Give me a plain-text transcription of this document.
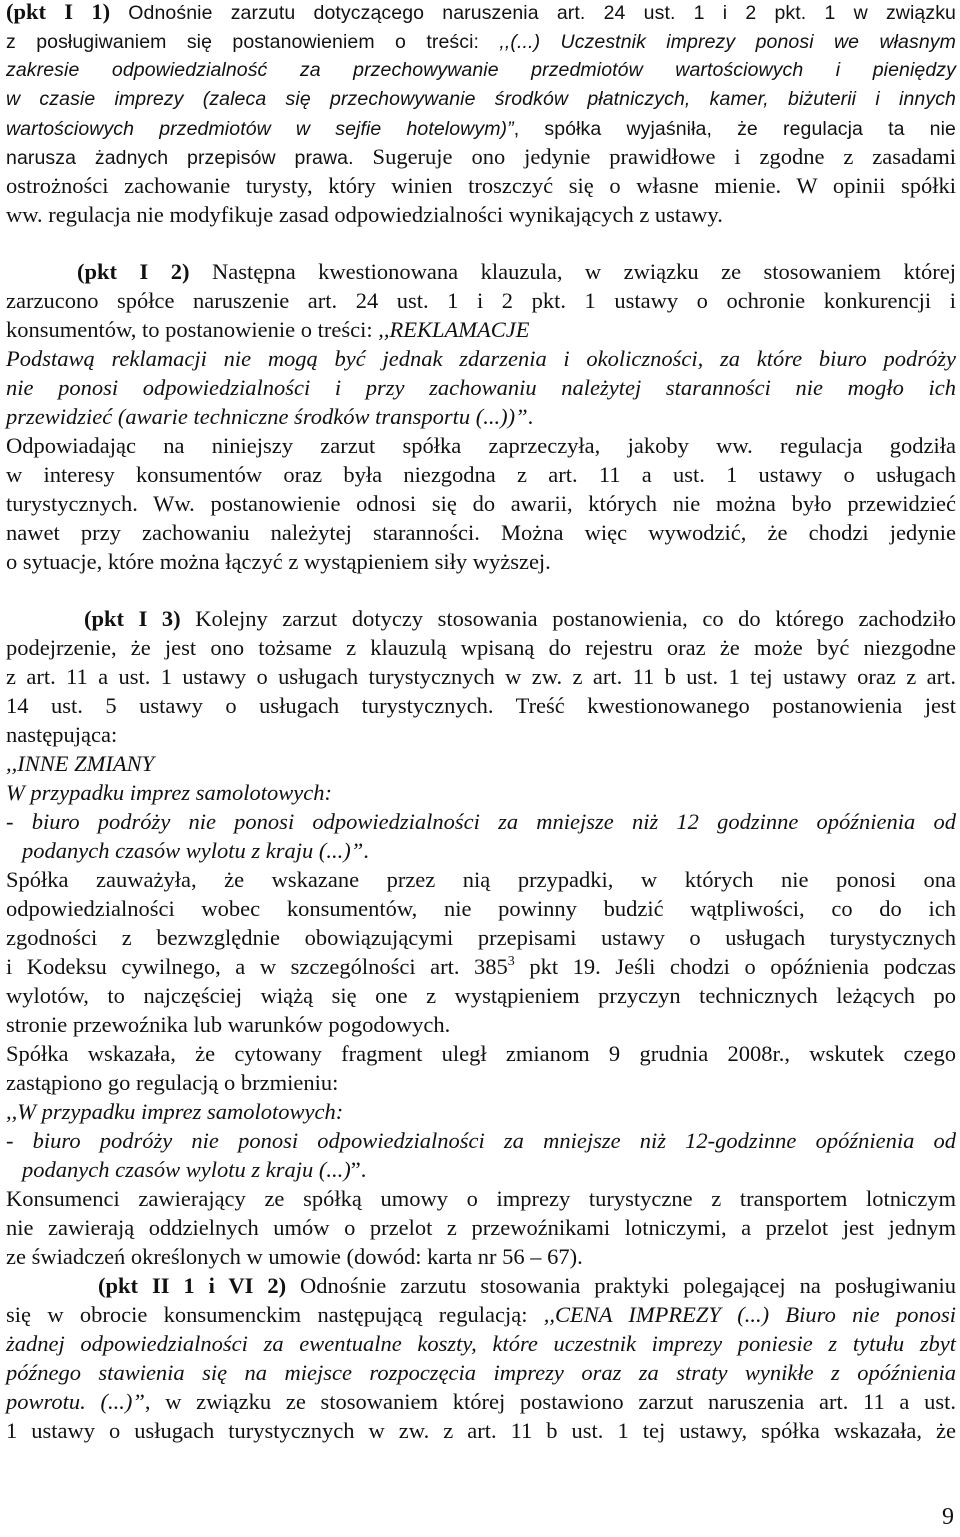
(pkt I 1) Odnośnie zarzutu dotyczącego naruszenia art. 24 ust. 1 i 2 pkt. 1 w związku
z posługiwaniem się postanowieniem o treści: ,,(...) Uczestnik imprezy ponosi we własnym
zakresie odpowiedzialność za przechowywanie przedmiotów wartościowych i pieniędzy
w czasie imprezy (zaleca się przechowywanie środków płatniczych, kamer, biżuterii i innych
wartościowych przedmiotów w sejfie hotelowym)”, spółka wyjaśniła, że regulacja ta nie
narusza żadnych przepisów prawa. Sugeruje ono jedynie prawidłowe i zgodne z zasadami
ostrożności zachowanie turysty, który winien troszczyć się o własne mienie. W opinii spółki
ww. regulacja nie modyfikuje zasad odpowiedzialności wynikających z ustawy.
(pkt I 2) Następna kwestionowana klauzula, w związku ze stosowaniem której
zarzucono spółce naruszenie art. 24 ust. 1 i 2 pkt. 1 ustawy o ochronie konkurencji i
konsumentów, to postanowienie o treści: ,,REKLAMACJE
Podstawą reklamacji nie mogą być jednak zdarzenia i okoliczności, za które biuro podróży
nie ponosi odpowiedzialności i przy zachowaniu należytej staranności nie mogło ich
przewidzieć (awarie techniczne środków transportu (...))”.
Odpowiadając na niniejszy zarzut spółka zaprzeczyła, jakoby ww. regulacja godziła
w interesy konsumentów oraz była niezgodna z art. 11 a ust. 1 ustawy o usługach
turystycznych. Ww. postanowienie odnosi się do awarii, których nie można było przewidzieć
nawet przy zachowaniu należytej staranności. Można więc wywodzić, że chodzi jedynie
o sytuacje, które można łączyć z wystąpieniem siły wyższej.
(pkt I 3) Kolejny zarzut dotyczy stosowania postanowienia, co do którego zachodziło
podejrzenie, że jest ono tożsame z klauzulą wpisaną do rejestru oraz że może być niezgodne
z art. 11 a ust. 1 ustawy o usługach turystycznych w zw. z art. 11 b ust. 1 tej ustawy oraz z art.
14 ust. 5 ustawy o usługach turystycznych. Treść kwestionowanego postanowienia jest
następująca:
,,INNE ZMIANY
W przypadku imprez samolotowych:
- biuro podróży nie ponosi odpowiedzialności za mniejsze niż 12 godzinne opóźnienia od
podanych czasów wylotu z kraju (...)”.
Spółka zauważyła, że wskazane przez nią przypadki, w których nie ponosi ona
odpowiedzialności wobec konsumentów, nie powinny budzić wątpliwości, co do ich
zgodności z bezwzględnie obowiązującymi przepisami ustawy o usługach turystycznych
i Kodeksu cywilnego, a w szczególności art. $385^3$ pkt 19. Jeśli chodzi o opóźnienia podczas
wylotów, to najczęściej wiążą się one z wystąpieniem przyczyn technicznych leżących po
stronie przewoźnika lub warunków pogodowych.
Spółka wskazała, że cytowany fragment uległ zmianom 9 grudnia 2008r., wskutek czego
zastąpiono go regulacją o brzmieniu:
,,W przypadku imprez samolotowych:
- biuro podróży nie ponosi odpowiedzialności za mniejsze niż 12-godzinne opóźnienia od
podanych czasów wylotu z kraju (...)”.
Konsumenci zawierający ze spółką umowy o imprezy turystyczne z transportem lotniczym
nie zawierają oddzielnych umów o przelot z przewoźnikami lotniczymi, a przelot jest jednym
ze świadczeń określonych w umowie (dowód: karta nr 56 – 67).
(pkt II 1 i VI 2) Odnośnie zarzutu stosowania praktyki polegającej na posługiwaniu
się w obrocie konsumenckim następującą regulacją: ,,CENA IMPREZY (...) Biuro nie ponosi
żadnej odpowiedzialności za ewentualne koszty, które uczestnik imprezy poniesie z tytułu zbyt
późnego stawienia się na miejsce rozpoczęcia imprezy oraz za straty wynikłe z opóźnienia
powrotu. (...)”, w związku ze stosowaniem której postawiono zarzut naruszenia art. 11 a ust.
1 ustawy o usługach turystycznych w zw. z art. 11 b ust. 1 tej ustawy, spółka wskazała, że
9
